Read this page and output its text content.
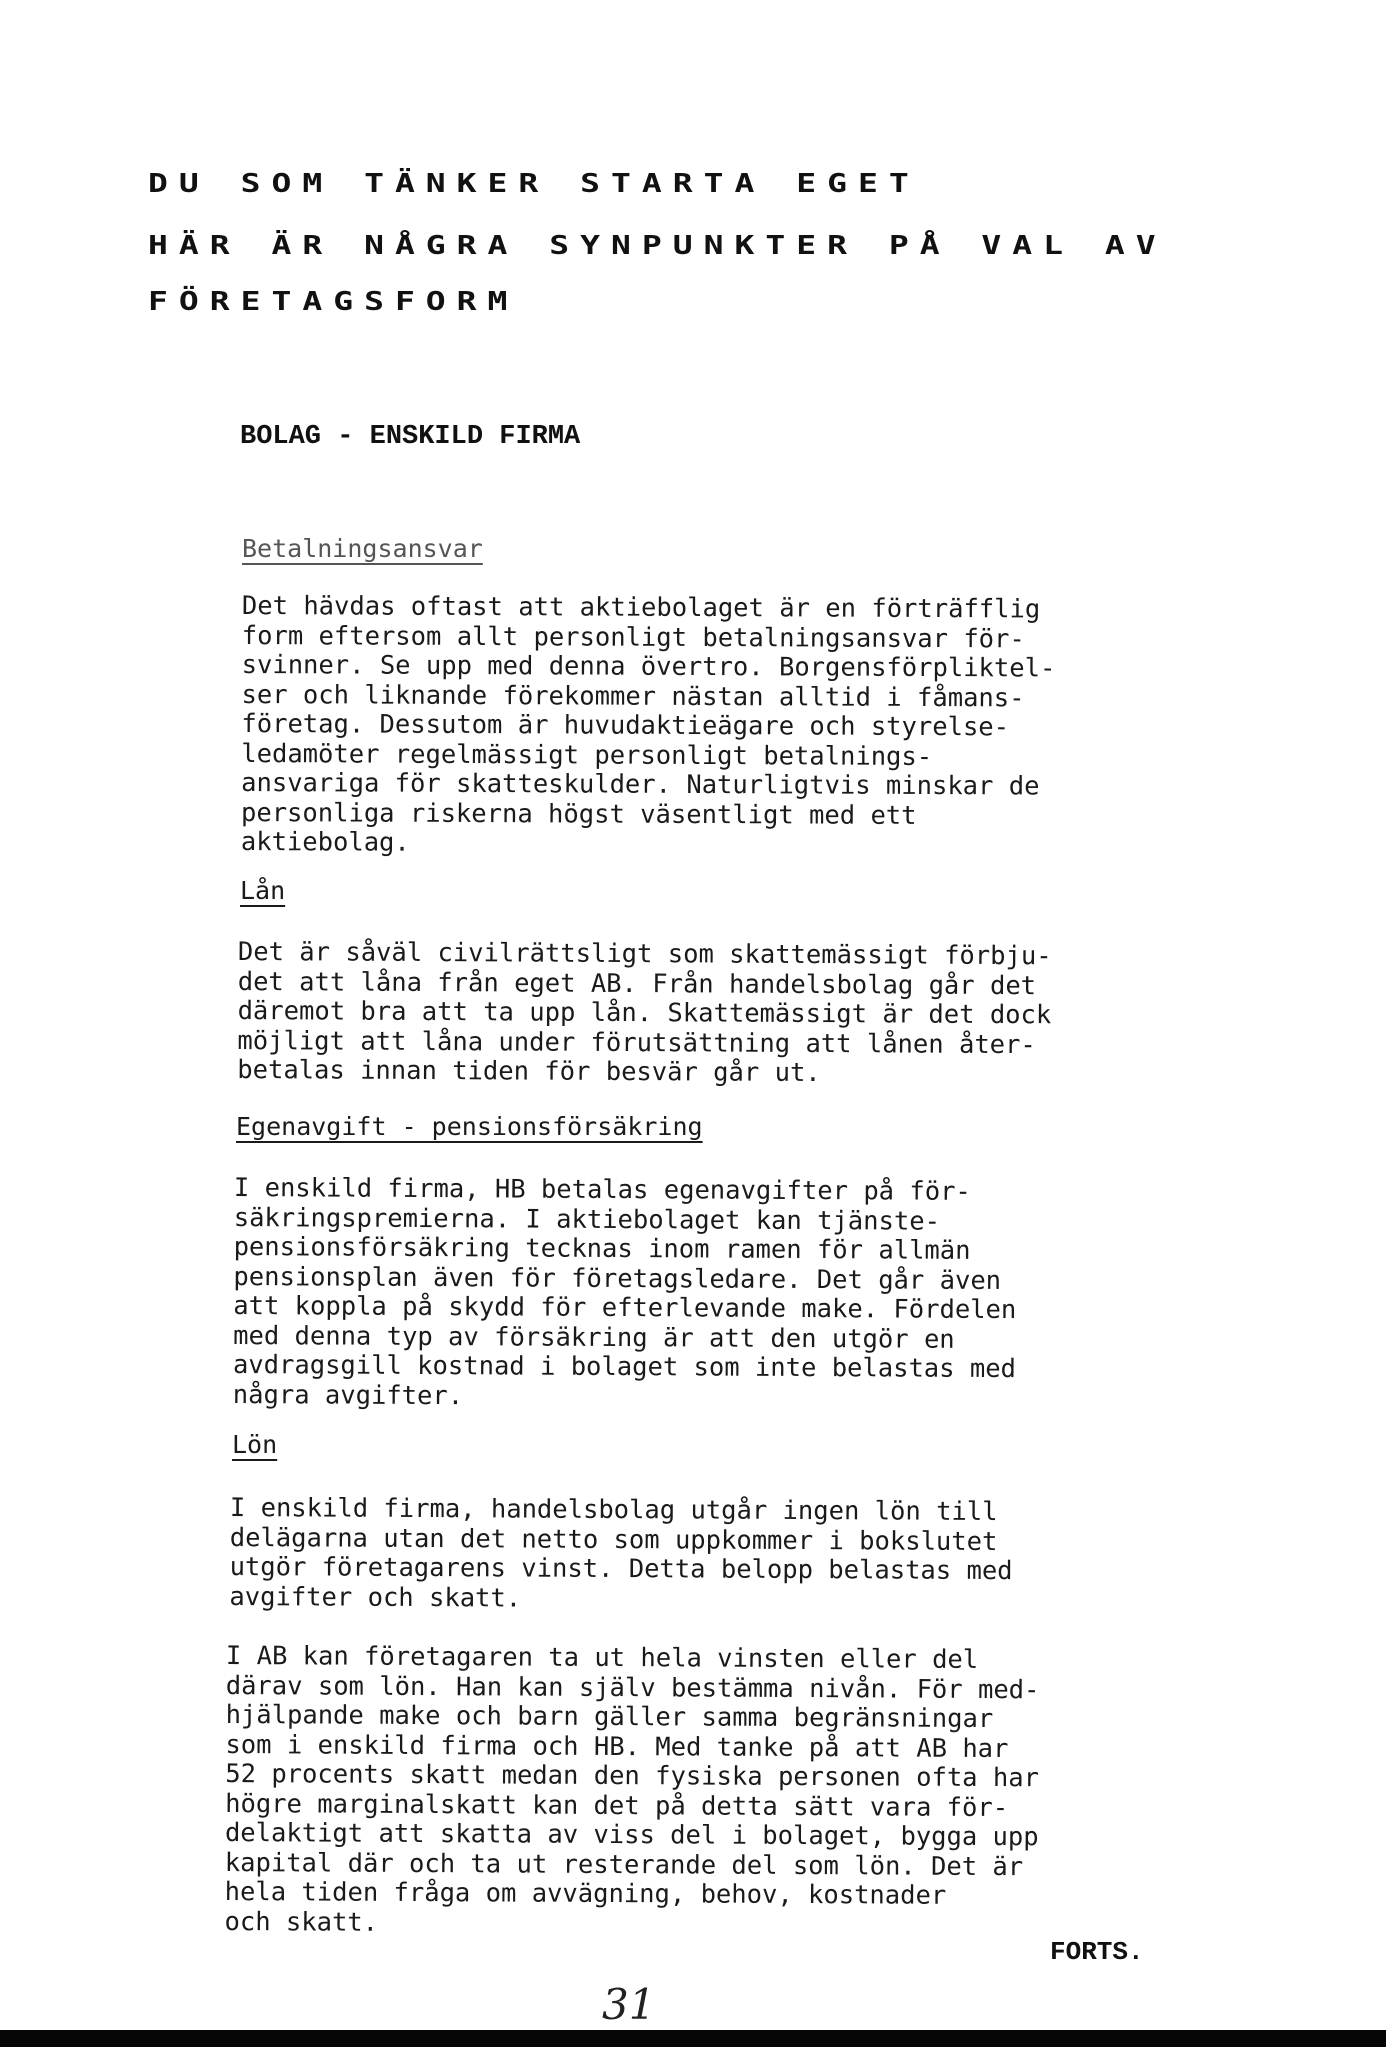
DU SOM TÄNKER STARTA EGET

HÄR ÄR NÅGRA SYNPUNKTER PÅ VAL AV

FÖRETAGSFORM

BOLAG - ENSKILD FIRMA

Betalningsansvar

Det hävdas oftast att aktiebolaget är en förträfflig
form eftersom allt personligt betalningsansvar för-
svinner. Se upp med denna övertro. Borgensförpliktel-
ser och liknande förekommer nästan alltid i fåmans-
företag. Dessutom är huvudaktieägare och styrelse-
ledamöter regelmässigt personligt betalnings-
ansvariga för skatteskulder. Naturligtvis minskar de
personliga riskerna högst väsentligt med ett
aktiebolag.

Lån

Det är såväl civilrättsligt som skattemässigt förbju-
det att låna från eget AB. Från handelsbolag går det
däremot bra att ta upp lån. Skattemässigt är det dock
möjligt att låna under förutsättning att lånen åter-
betalas innan tiden för besvär går ut.

Egenavgift - pensionsförsäkring

I enskild firma, HB betalas egenavgifter på för-
säkringspremierna. I aktiebolaget kan tjänste-
pensionsförsäkring tecknas inom ramen för allmän
pensionsplan även för företagsledare. Det går även
att koppla på skydd för efterlevande make. Fördelen
med denna typ av försäkring är att den utgör en
avdragsgill kostnad i bolaget som inte belastas med
några avgifter.

Lön

I enskild firma, handelsbolag utgår ingen lön till
delägarna utan det netto som uppkommer i bokslutet
utgör företagarens vinst. Detta belopp belastas med
avgifter och skatt.

I AB kan företagaren ta ut hela vinsten eller del
därav som lön. Han kan själv bestämma nivån. För med-
hjälpande make och barn gäller samma begränsningar
som i enskild firma och HB. Med tanke på att AB har
52 procents skatt medan den fysiska personen ofta har
högre marginalskatt kan det på detta sätt vara för-
delaktigt att skatta av viss del i bolaget, bygga upp
kapital där och ta ut resterande del som lön. Det är
hela tiden fråga om avvägning, behov, kostnader
och skatt.

FORTS.

31
